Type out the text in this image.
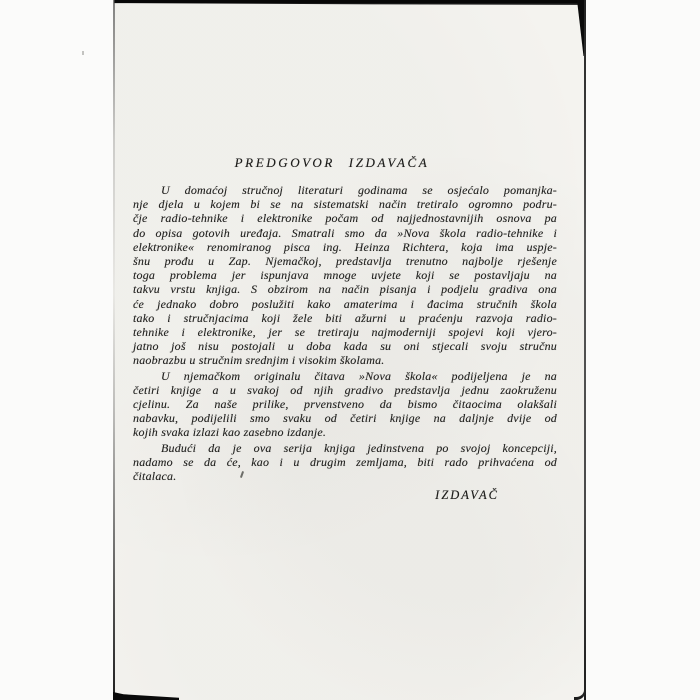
PREDGOVOR IZDAVAČA
U domaćoj stručnoj literaturi godinama se osjećalo pomanjka-
nje djela u kojem bi se na sistematski način tretiralo ogromno podru-
čje radio-tehnike i elektronike počam od najjednostavnijih osnova pa
do opisa gotovih uređaja. Smatrali smo da »Nova škola radio-tehnike i
elektronike« renomiranog pisca ing. Heinza Richtera, koja ima uspje-
šnu prođu u Zap. Njemačkoj, predstavlja trenutno najbolje rješenje
toga problema jer ispunjava mnoge uvjete koji se postavljaju na
takvu vrstu knjiga. S obzirom na način pisanja i podjelu gradiva ona
će jednako dobro poslužiti kako amaterima i đacima stručnih škola
tako i stručnjacima koji žele biti ažurni u praćenju razvoja radio-
tehnike i elektronike, jer se tretiraju najmoderniji spojevi koji vjero-
jatno još nisu postojali u doba kada su oni stjecali svoju stručnu
naobrazbu u stručnim srednjim i visokim školama.
U njemačkom originalu čitava »Nova škola« podijeljena je na
četiri knjige a u svakoj od njih gradivo predstavlja jednu zaokruženu
cjelinu. Za naše prilike, prvenstveno da bismo čitaocima olakšali
nabavku, podijelili smo svaku od četiri knjige na daljnje dvije od
kojih svaka izlazi kao zasebno izdanje.
Budući da je ova serija knjiga jedinstvena po svojoj koncepciji,
nadamo se da će, kao i u drugim zemljama, biti rado prihvaćena od
čitalaca.
IZDAVAČ
